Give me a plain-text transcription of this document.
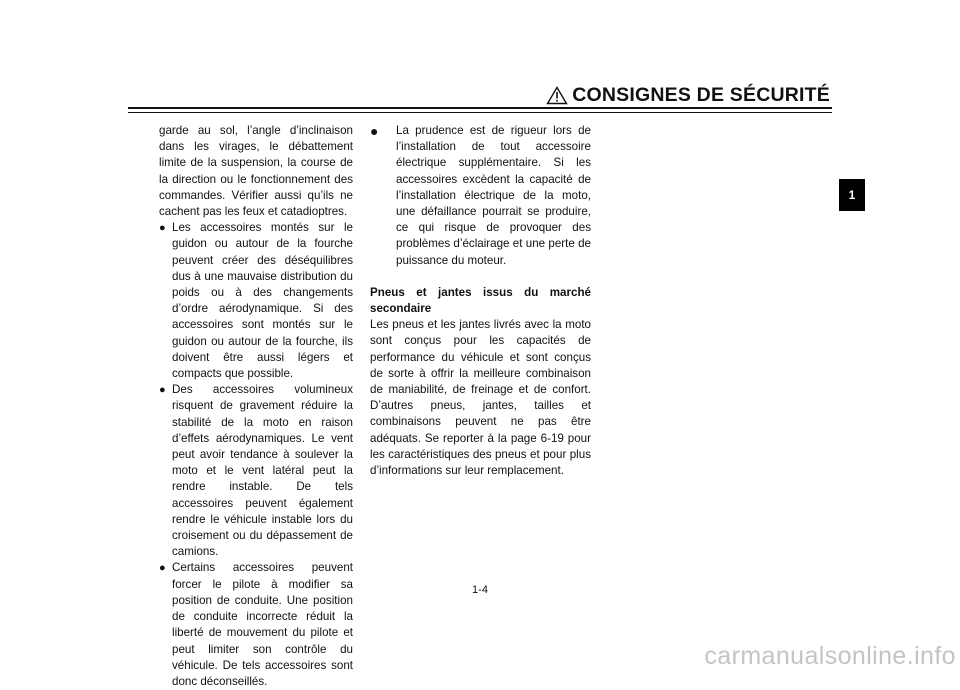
CONSIGNES DE SÉCURITÉ

garde au sol, l’angle d’inclinaison dans les virages, le débattement limite de la suspension, la course de la direction ou le fonctionnement des commandes. Vérifier aussi qu’ils ne cachent pas les feux et catadioptres.

● Les accessoires montés sur le guidon ou autour de la fourche peuvent créer des déséquilibres dus à une mauvaise distribution du poids ou à des changements d’ordre aérodynamique. Si des accessoires sont montés sur le guidon ou autour de la fourche, ils doivent être aussi légers et compacts que possible.
● Des accessoires volumineux risquent de gravement réduire la stabilité de la moto en raison d’effets aérodynamiques. Le vent peut avoir tendance à soulever la moto et le vent latéral peut la rendre instable. De tels accessoires peuvent également rendre le véhicule instable lors du croisement ou du dépassement de camions.
● Certains accessoires peuvent forcer le pilote à modifier sa position de conduite. Une position de conduite incorrecte réduit la liberté de mouvement du pilote et peut limiter son contrôle du véhicule. De tels accessoires sont donc déconseillés.
●	La prudence est de rigueur lors de l’installation de tout accessoire électrique supplémentaire. Si les accessoires excèdent la capacité de l’installation électrique de la moto, une défaillance pourrait se produire, ce qui risque de provoquer des problèmes d’éclairage et une perte de puissance du moteur.

Pneus et jantes issus du marché secondaire

Les pneus et les jantes livrés avec la moto sont conçus pour les capacités de performance du véhicule et sont conçus de sorte à offrir la meilleure combinaison de maniabilité, de freinage et de confort. D’autres pneus, jantes, tailles et combinaisons peuvent ne pas être adéquats. Se reporter à la page 6-19 pour les caractéristiques des pneus et pour plus d’informations sur leur remplacement.

1-4
1
carmanualsonline.info
